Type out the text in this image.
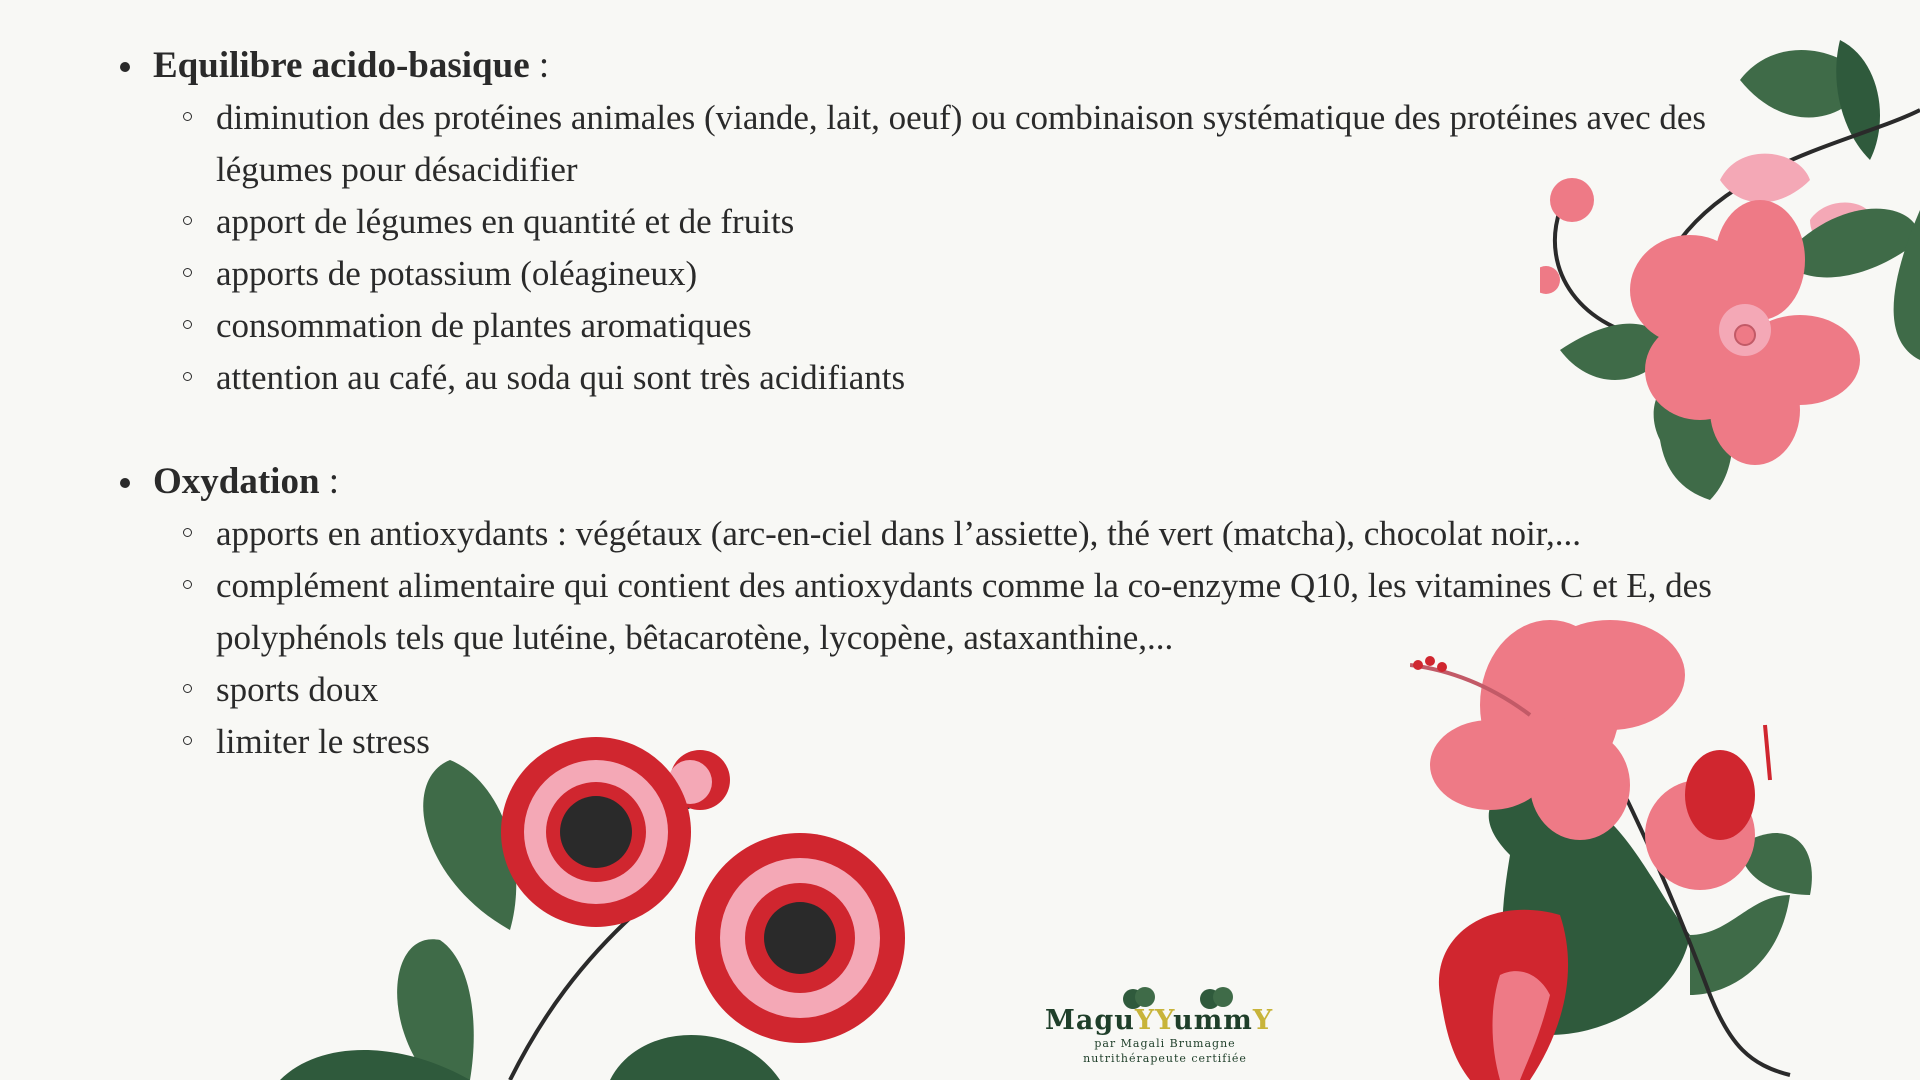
Equilibre acido-basique :
diminution des protéines animales (viande, lait, oeuf) ou combinaison systématique des protéines avec des légumes pour désacidifier
apport de légumes en quantité et de fruits
apports de potassium (oléagineux)
consommation de plantes aromatiques
attention au café, au soda qui sont très acidifiants
Oxydation :
apports en antioxydants : végétaux (arc-en-ciel dans l’assiette), thé vert (matcha), chocolat noir,...
complément alimentaire qui contient des antioxydants comme la co-enzyme Q10, les vitamines C et E, des polyphénols tels que lutéine, bêtacarotène, lycopène, astaxanthine,...
sports doux
limiter le stress
MaguYYummY
par Magali Brumagne
nutrithérapeute certifiée
